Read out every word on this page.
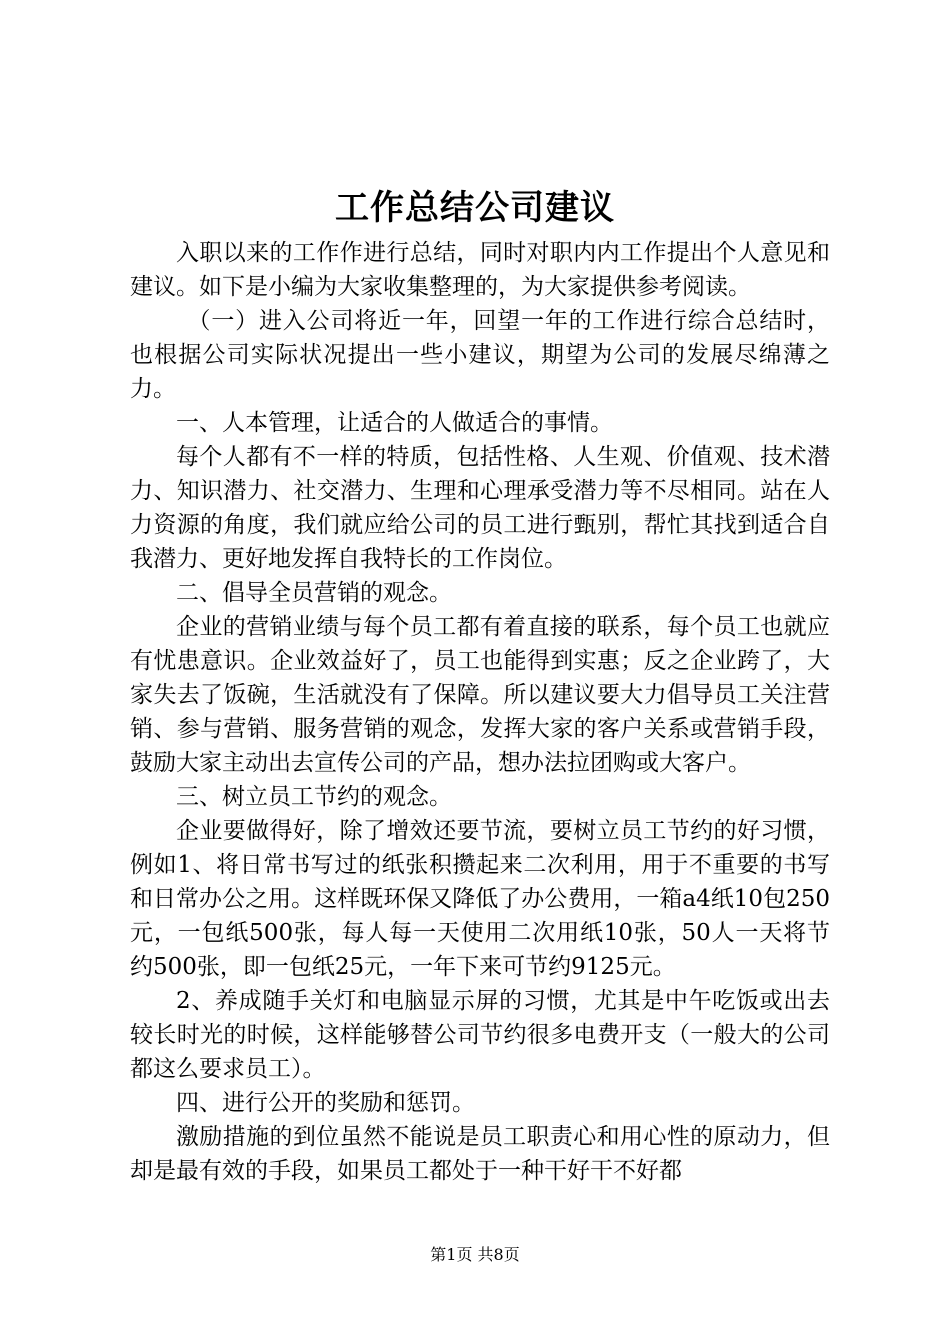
工作总结公司建议

入职以来的工作作进行总结，同时对职内内工作提出个人意见和建议。如下是小编为大家收集整理的，为大家提供参考阅读。

（一）进入公司将近一年，回望一年的工作进行综合总结时，也根据公司实际状况提出一些小建议，期望为公司的发展尽绵薄之力。

一、人本管理，让适合的人做适合的事情。

每个人都有不一样的特质，包括性格、人生观、价值观、技术潜力、知识潜力、社交潜力、生理和心理承受潜力等不尽相同。站在人力资源的角度，我们就应给公司的员工进行甄别，帮忙其找到适合自我潜力、更好地发挥自我特长的工作岗位。

二、倡导全员营销的观念。

企业的营销业绩与每个员工都有着直接的联系，每个员工也就应有忧患意识。企业效益好了，员工也能得到实惠；反之企业跨了，大家失去了饭碗，生活就没有了保障。所以建议要大力倡导员工关注营销、参与营销、服务营销的观念，发挥大家的客户关系或营销手段，鼓励大家主动出去宣传公司的产品，想办法拉团购或大客户。

三、树立员工节约的观念。

企业要做得好，除了增效还要节流，要树立员工节约的好习惯，例如1、将日常书写过的纸张积攒起来二次利用，用于不重要的书写和日常办公之用。这样既环保又降低了办公费用，一箱a4纸10包250元，一包纸500张，每人每一天使用二次用纸10张，50人一天将节约500张，即一包纸25元，一年下来可节约9125元。

2、养成随手关灯和电脑显示屏的习惯，尤其是中午吃饭或出去较长时光的时候，这样能够替公司节约很多电费开支（一般大的公司都这么要求员工）。

四、进行公开的奖励和惩罚。

激励措施的到位虽然不能说是员工职责心和用心性的原动力，但却是最有效的手段，如果员工都处于一种干好干不好都

第1页 共8页
